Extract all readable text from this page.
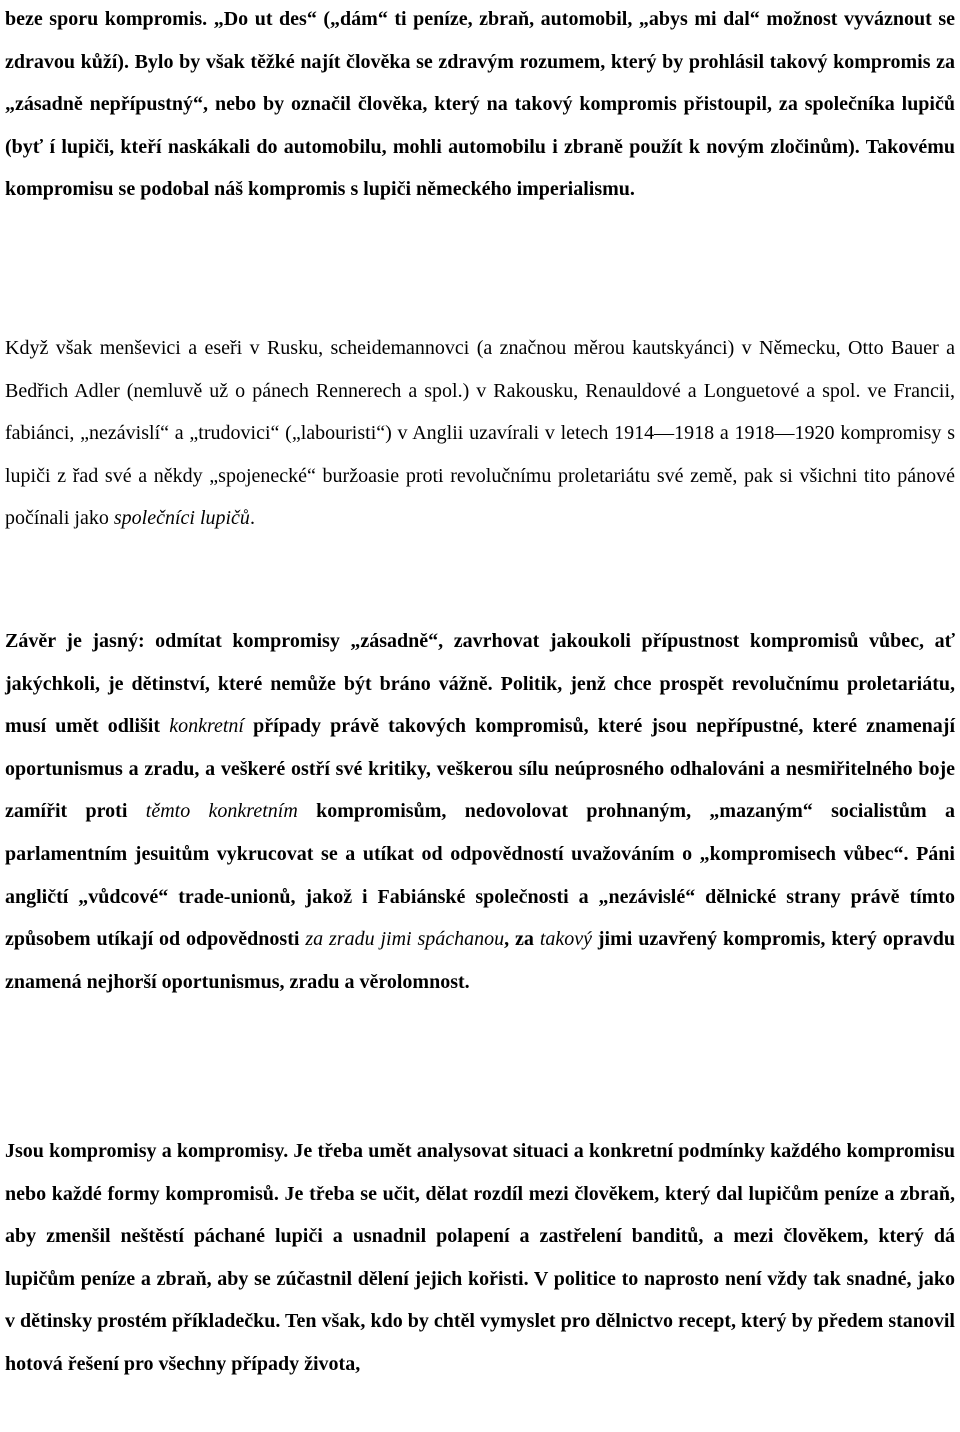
beze sporu kompromis. „Do ut des“ („dám“ ti peníze, zbraň, automobil, „abys mi dal“ možnost vyváznout se zdravou kůží). Bylo by však těžké najít člověka se zdravým rozumem, který by prohlásil takový kompromis za „zásadně nepřípustný“, nebo by označil člověka, který na takový kompromis přistoupil, za společníka lupičů (byť í lupiči, kteří naskákali do automobilu, mohli automobilu i zbraně použít k novým zločinům). Takovému kompromisu se podobal náš kompromis s lupiči německého imperialismu.

Když však menševici a eseři v Rusku, scheidemannovci (a značnou měrou kautskyánci) v Německu, Otto Bauer a Bedřich Adler (nemluvě už o pánech Rennerech a spol.) v Rakousku, Renauldové a Longuetové a spol. ve Francii, fabiánci, „nezávislí“ a „trudovici“ („labouristi“) v Anglii uzavírali v letech 1914—1918 a 1918—1920 kompromisy s lupiči z řad své a někdy „spojenecké“ buržoasie proti revolučnímu proletariátu své země, pak si všichni tito pánové počínali jako společníci lupičů.

Závěr je jasný: odmítat kompromisy „zásadně“, zavrhovat jakoukoli přípustnost kompromisů vůbec, ať jakýchkoli, je dětinství, které nemůže být bráno vážně. Politik, jenž chce prospět revolučnímu proletariátu, musí umět odlišit konkretní případy právě takových kompromisů, které jsou nepřípustné, které znamenají oportunismus a zradu, a veškeré ostří své kritiky, veškerou sílu neúprosného odhalováni a nesmiřitelného boje zamířit proti těmto konkretním kompromisům, nedovolovat prohnaným, „mazaným“ socialistům a parlamentním jesuitům vykrucovat se a utíkat od odpovědností uvažováním o „kompromisech vůbec“. Páni angličtí „vůdcové“ trade-unionů, jakož i Fabiánské společnosti a „nezávislé“ dělnické strany právě tímto způsobem utíkají od odpovědnosti za zradu jimi spáchanou, za takový jimi uzavřený kompromis, který opravdu znamená nejhorší oportunismus, zradu a věrolomnost.

Jsou kompromisy a kompromisy. Je třeba umět analysovat situaci a konkretní podmínky každého kompromisu nebo každé formy kompromisů. Je třeba se učit, dělat rozdíl mezi člověkem, který dal lupičům peníze a zbraň, aby zmenšil neštěstí páchané lupiči a usnadnil polapení a zastřelení banditů, a mezi člověkem, který dá lupičům peníze a zbraň, aby se zúčastnil dělení jejich kořisti. V politice to naprosto není vždy tak snadné, jako v dětinsky prostém příkladečku. Ten však, kdo by chtěl vymyslet pro dělnictvo recept, který by předem stanovil hotová řešení pro všechny případy života,
